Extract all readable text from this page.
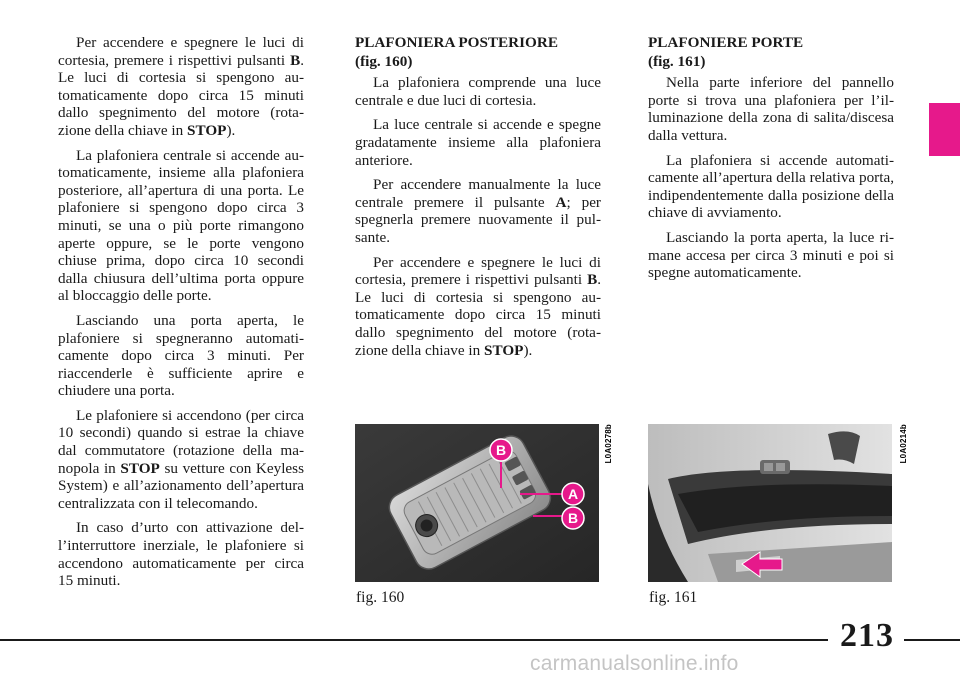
Per accendere e spegnere le luci di cortesia, premere i rispettivi pulsanti B. Le luci di cortesia si spengono automaticamente dopo circa 15 minuti dallo spegnimento del motore (rotazione della chiave in STOP).

La plafoniera centrale si accende automaticamente, insieme alla plafoniera posteriore, all’apertura di una porta. Le plafoniere si spengono dopo circa 3 minuti, se una o più porte rimangono aperte oppure, se le porte vengono chiuse prima, dopo circa 10 secondi dalla chiusura dell’ultima porta oppure al bloccaggio delle porte.

Lasciando una porta aperta, le plafoniere si spegneranno automaticamente dopo circa 3 minuti. Per riaccenderle è sufficiente aprire e chiudere una porta.

Le plafoniere si accendono (per circa 10 secondi) quando si estrae la chiave dal commutatore (rotazione della manopola in STOP su vetture con Keyless System) e all’azionamento dell’apertura centralizzata con il telecomando.

In caso d’urto con attivazione dell’interruttore inerziale, le plafoniere si accendono automaticamente per circa 15 minuti.

PLAFONIERA POSTERIORE

(fig. 160)

La plafoniera comprende una luce centrale e due luci di cortesia.

La luce centrale si accende e spegne gradatamente insieme alla plafoniera anteriore.

Per accendere manualmente la luce centrale premere il pulsante A; per spegnerla premere nuovamente il pulsante.

Per accendere e spegnere le luci di cortesia, premere i rispettivi pulsanti B. Le luci di cortesia si spengono automaticamente dopo circa 15 minuti dallo spegnimento del motore (rotazione della chiave in STOP).

PLAFONIERE PORTE

(fig. 161)

Nella parte inferiore del pannello porte si trova una plafoniera per l’illuminazione della zona di salita/discesa dalla vettura.

La plafoniera si accende automaticamente all’apertura della relativa porta, indipendentemente dalla posizione della chiave di avviamento.

Lasciando la porta aperta, la luce rimane accesa per circa 3 minuti e poi si spegne automaticamente.

B
A
B
L0A0278b
fig. 160
L0A0214b
fig. 161
213
carmanualsonline.info
